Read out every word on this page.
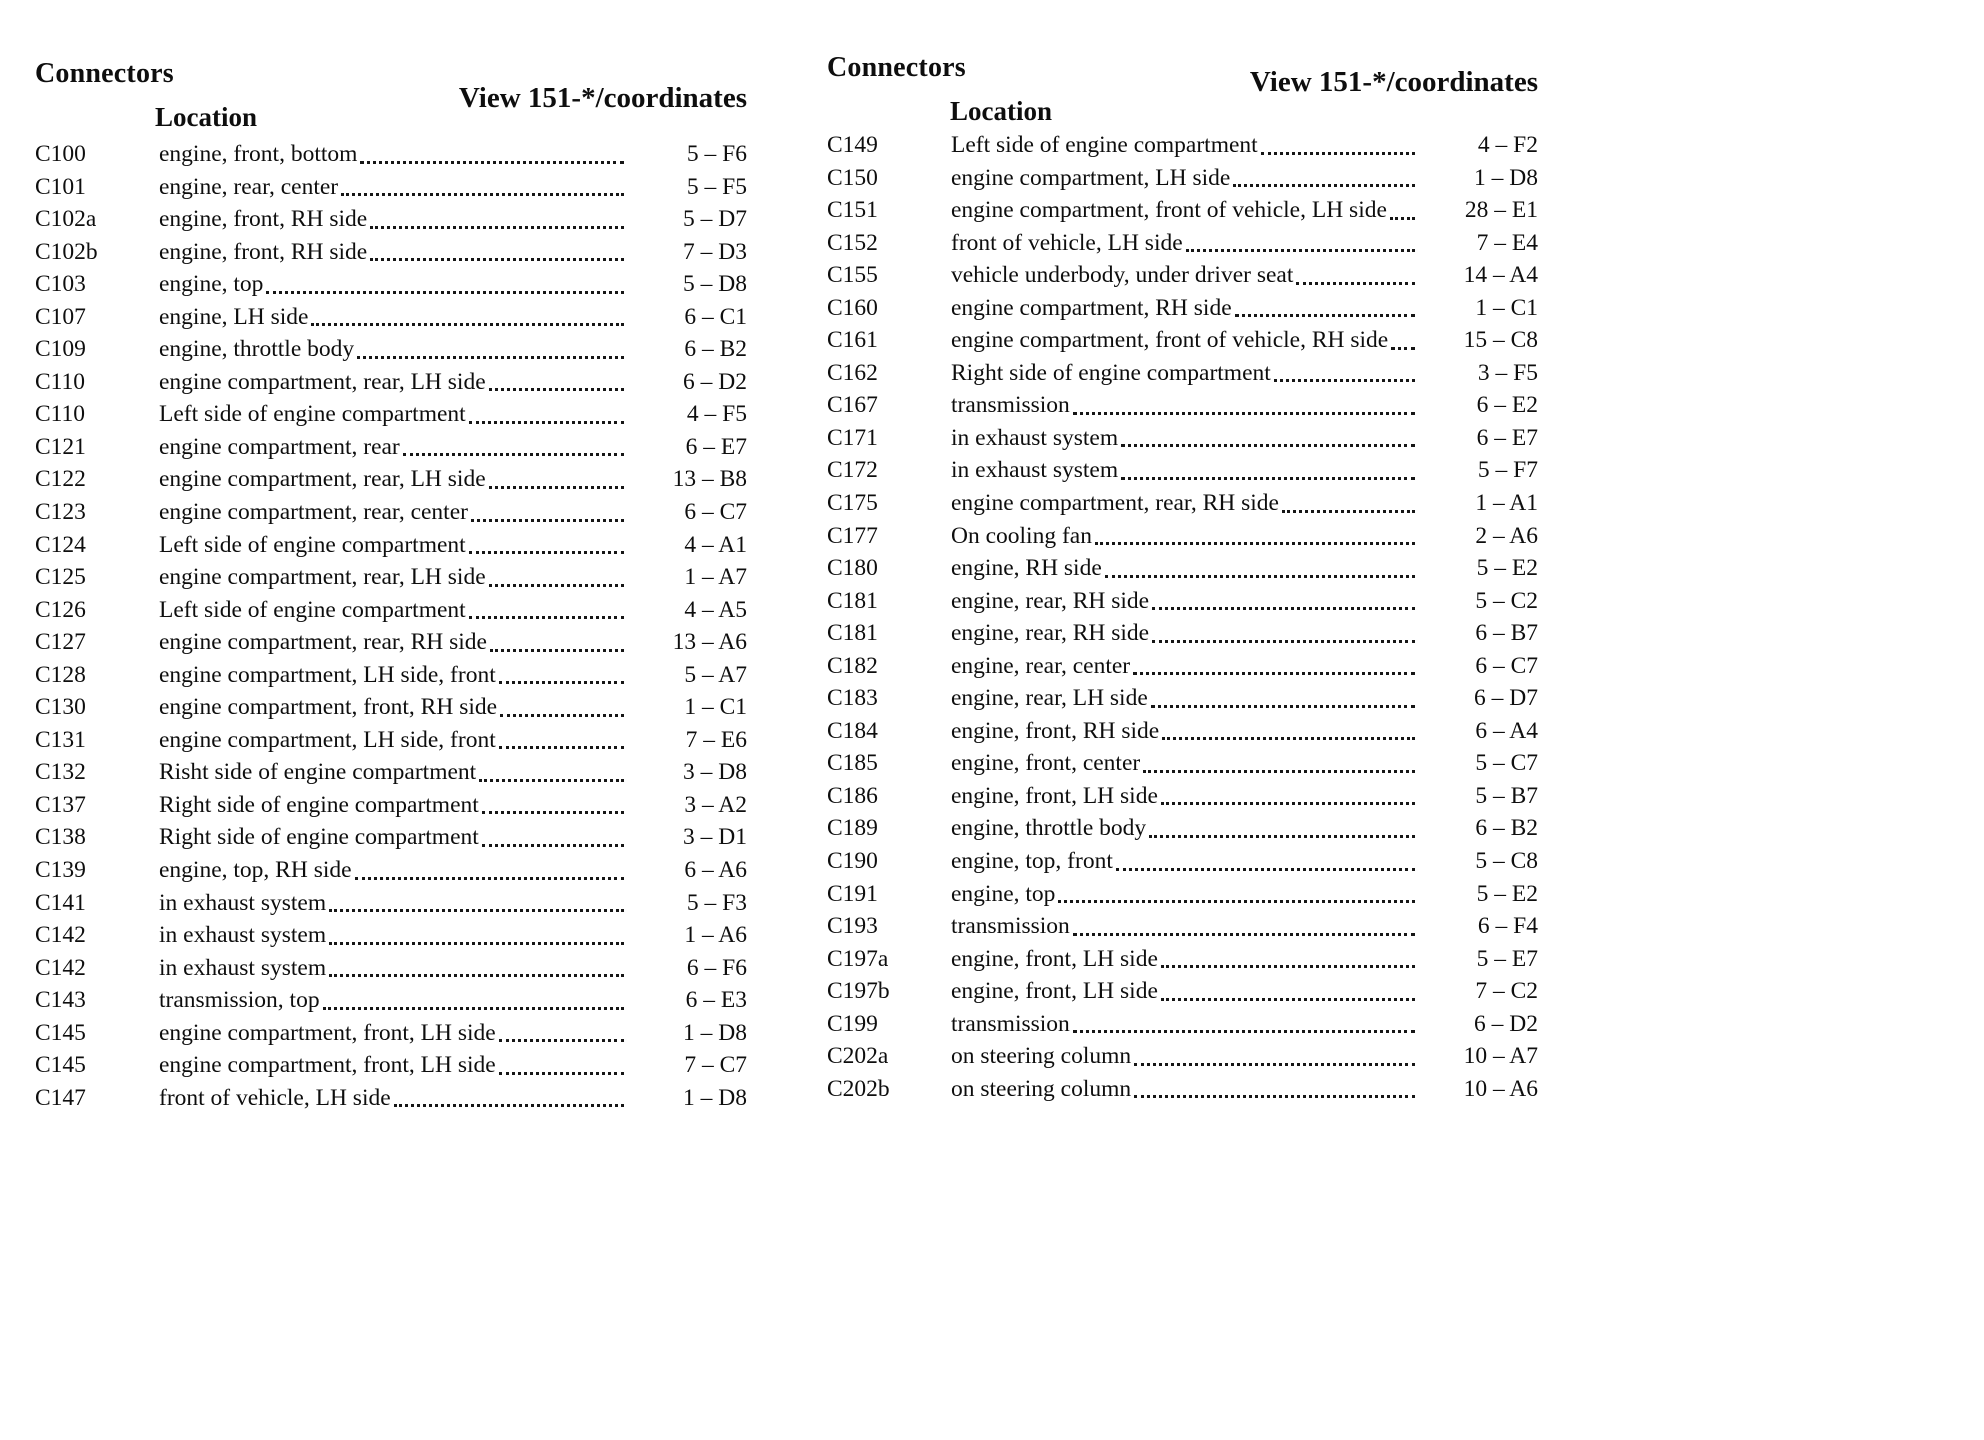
Connectors
View 151-*/coordinates
Location
C100	engine, front, bottom	5 – F6
C101	engine, rear, center	5 – F5
C102a	engine, front, RH side	5 – D7
C102b	engine, front, RH side	7 – D3
C103	engine, top	5 – D8
C107	engine, LH side	6 – C1
C109	engine, throttle body	6 – B2
C110	engine compartment, rear, LH side	6 – D2
C110	Left side of engine compartment	4 – F5
C121	engine compartment, rear	6 – E7
C122	engine compartment, rear, LH side	13 – B8
C123	engine compartment, rear, center	6 – C7
C124	Left side of engine compartment	4 – A1
C125	engine compartment, rear, LH side	1 – A7
C126	Left side of engine compartment	4 – A5
C127	engine compartment, rear, RH side	13 – A6
C128	engine compartment, LH side, front	5 – A7
C130	engine compartment, front, RH side	1 – C1
C131	engine compartment, LH side, front	7 – E6
C132	Risht side of engine compartment	3 – D8
C137	Right side of engine compartment	3 – A2
C138	Right side of engine compartment	3 – D1
C139	engine, top, RH side	6 – A6
C141	in exhaust system	5 – F3
C142	in exhaust system	1 – A6
C142	in exhaust system	6 – F6
C143	transmission, top	6 – E3
C145	engine compartment, front, LH side	1 – D8
C145	engine compartment, front, LH side	7 – C7
C147	front of vehicle, LH side	1 – D8
Connectors	View 151-*/coordinates
Location
C149	Left side of engine compartment	4 – F2
C150	engine compartment, LH side	1 – D8
C151	engine compartment, front of vehicle, LH side	28 – E1
C152	front of vehicle, LH side	7 – E4
C155	vehicle underbody, under driver seat	14 – A4
C160	engine compartment, RH side	1 – C1
C161	engine compartment, front of vehicle, RH side	15 – C8
C162	Right side of engine compartment	3 – F5
C167	transmission	6 – E2
C171	in exhaust system	6 – E7
C172	in exhaust system	5 – F7
C175	engine compartment, rear, RH side	1 – A1
C177	On cooling fan	2 – A6
C180	engine, RH side	5 – E2
C181	engine, rear, RH side	5 – C2
C181	engine, rear, RH side	6 – B7
C182	engine, rear, center	6 – C7
C183	engine, rear, LH side	6 – D7
C184	engine, front, RH side	6 – A4
C185	engine, front, center	5 – C7
C186	engine, front, LH side	5 – B7
C189	engine, throttle body	6 – B2
C190	engine, top, front	5 – C8
C191	engine, top	5 – E2
C193	transmission	6 – F4
C197a	engine, front, LH side	5 – E7
C197b	engine, front, LH side	7 – C2
C199	transmission	6 – D2
C202a	on steering column	10 – A7
C202b	on steering column	10 – A6
